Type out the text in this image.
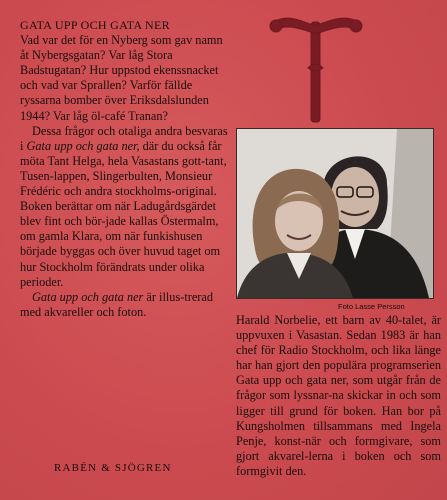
GATA UPP OCH GATA NER

Vad var det för en Nyberg som gav namn åt Nybergsgatan? Var låg Stora Badstugatan? Hur uppstod ekenssnacket och vad var Sprallen? Varför fällde ryssarna bomber över Eriksdalslunden 1944? Var låg öl-café Tranan?

Dessa frågor och otaliga andra besvaras i Gata upp och gata ner, där du också får möta Tant Helga, hela Vasastans gott-tant, Tusen-lappen, Slingerbulten, Monsieur Frédéric och andra stockholms-original. Boken berättar om när Ladugårdsgärdet blev fint och bör-jade kallas Östermalm, om gamla Klara, om när funkishusen började byggas och över huvud taget om hur Stockholm förändrats under olika perioder.

Gata upp och gata ner är illus-trerad med akvareller och foton.	Foto Lasse Persson

Harald Norbelie, ett barn av 40-talet, är uppvuxen i Vasastan. Sedan 1983 är han chef för Radio Stockholm, och lika länge har han gjort den populära programserien Gata upp och gata ner, som utgår från de frågor som lyssnar-na skickar in och som ligger till grund för boken. Han bor på Kungsholmen tillsammans med Ingela Penje, konst-när och formgivare, som gjort akvarel-lerna i boken och som formgivit den.

RABÉN & SJÖGREN
